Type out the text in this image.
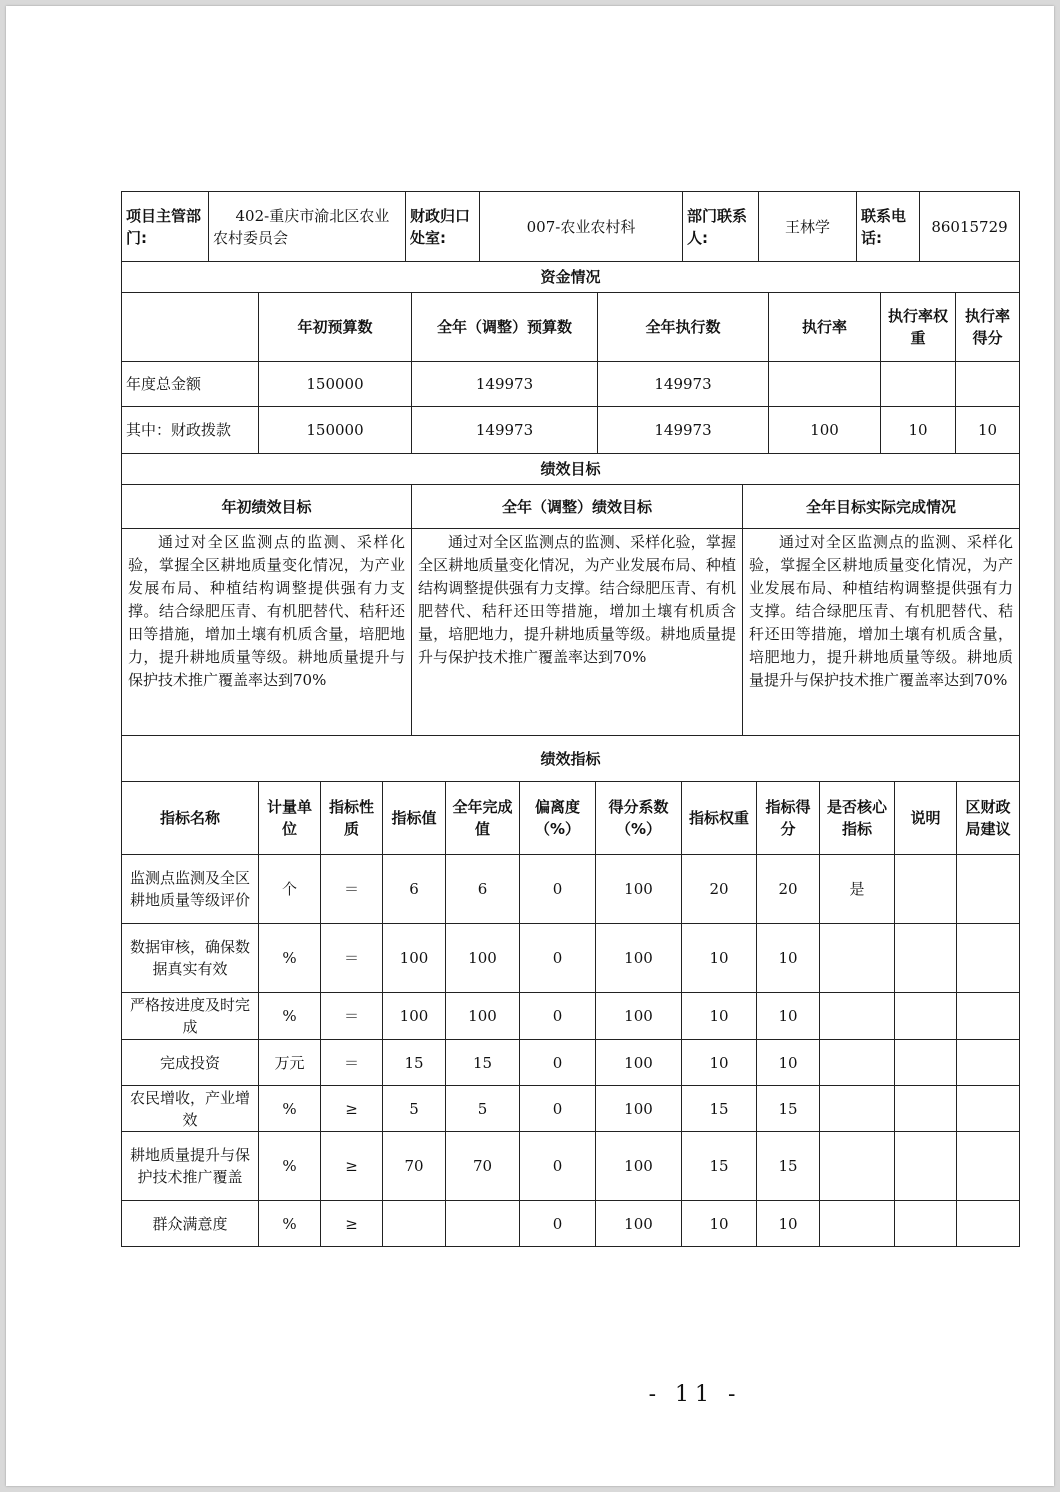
项目主管部门:	402-重庆市渝北区农业农村委员会	财政归口处室:	007-农业农村科	部门联系人:	王林学	联系电话:	86015729
资金情况						
	年初预算数	全年（调整）预算数	全年执行数	执行率	执行率权重	执行率得分
年度总金额	150000	149973	149973			
其中：财政拨款	150000	149973	149973	100	10	10
绩效目标		
年初绩效目标	全年（调整）绩效目标	全年目标实际完成情况
通过对全区监测点的监测、采样化验，掌握全区耕地质量变化情况，为产业发展布局、种植结构调整提供强有力支撑。结合绿肥压青、有机肥替代、秸秆还田等措施，增加土壤有机质含量，培肥地力，提升耕地质量等级。耕地质量提升与保护技术推广覆盖率达到70%	通过对全区监测点的监测、采样化验，掌握全区耕地质量变化情况，为产业发展布局、种植结构调整提供强有力支撑。结合绿肥压青、有机肥替代、秸秆还田等措施，增加土壤有机质含量，培肥地力，提升耕地质量等级。耕地质量提升与保护技术推广覆盖率达到70%	通过对全区监测点的监测、采样化验，掌握全区耕地质量变化情况，为产业发展布局、种植结构调整提供强有力支撑。结合绿肥压青、有机肥替代、秸秆还田等措施，增加土壤有机质含量，培肥地力，提升耕地质量等级。耕地质量提升与保护技术推广覆盖率达到70%
绩效指标											
指标名称	计量单位	指标性质	指标值	全年完成值	偏离度（%）	得分系数（%）	指标权重	指标得分	是否核心指标	说明	区财政局建议
监测点监测及全区耕地质量等级评价	个	＝	6	6	0	100	20	20	是		
数据审核，确保数据真实有效	%	＝	100	100	0	100	10	10			
严格按进度及时完成	%	＝	100	100	0	100	10	10			
完成投资	万元	＝	15	15	0	100	10	10			
农民增收，产业增效	%	≥	5	5	0	100	15	15			
耕地质量提升与保护技术推广覆盖	%	≥	70	70	0	100	15	15			
群众满意度	%	≥			0	100	10	10			
- 11 -
